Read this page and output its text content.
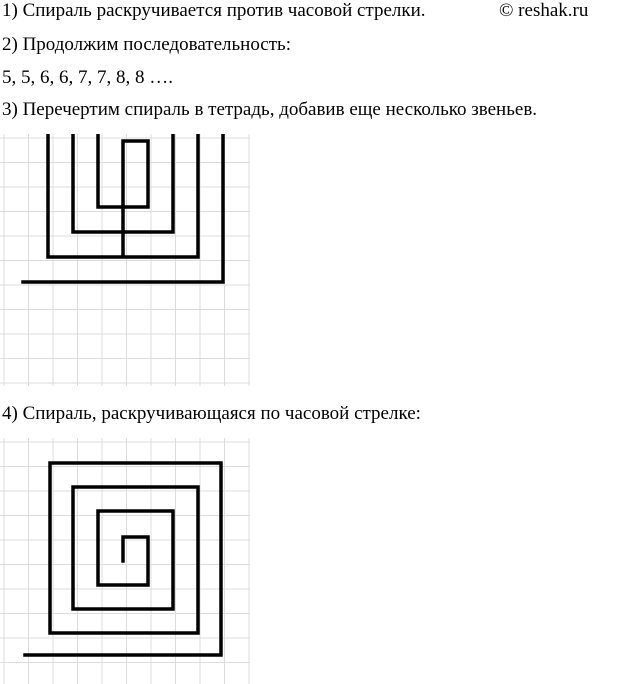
1) Спираль раскручивается против часовой стрелки.	© reshak.ru
2) Продолжим последовательность:
5, 5, 6, 6, 7, 7, 8, 8 ….
3) Перечертим спираль в тетрадь, добавив еще несколько звеньев.
4) Спираль, раскручивающаяся по часовой стрелке:
